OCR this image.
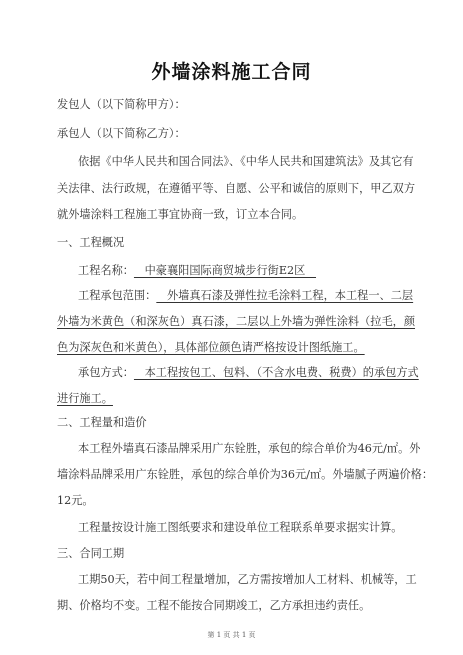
外墙涂料施工合同
发包人（以下简称甲方）：
承包人（以下简称乙方）：
依据《中华人民共和国合同法》、《中华人民共和国建筑法》及其它有
关法律、法行政规，在遵循平等、自愿、公平和诚信的原则下，甲乙双方
就外墙涂料工程施工事宜协商一致，订立本合同。
一、工程概况
工程名称：   中豪襄阳国际商贸城步行街E2区
工程承包范围：   外墙真石漆及弹性拉毛涂料工程，本工程一、二层
外墙为米黄色（和深灰色）真石漆，二层以上外墙为弹性涂料（拉毛，颜
色为深灰色和米黄色），具体部位颜色请严格按设计图纸施工。
承包方式：   本工程按包工、包料、（不含水电费、税费）的承包方式
进行施工。
二、工程量和造价
本工程外墙真石漆品牌采用广东铨胜，承包的综合单价为46元/㎡。外
墙涂料品牌采用广东铨胜，承包的综合单价为36元/㎡。外墙腻子两遍价格：
12元。
工程量按设计施工图纸要求和建设单位工程联系单要求据实计算。
三、合同工期
工期50天，若中间工程量增加，乙方需按增加人工材料、机械等，工
期、价格均不变。工程不能按合同期竣工，乙方承担违约责任。
第 1 页 共 1 页
